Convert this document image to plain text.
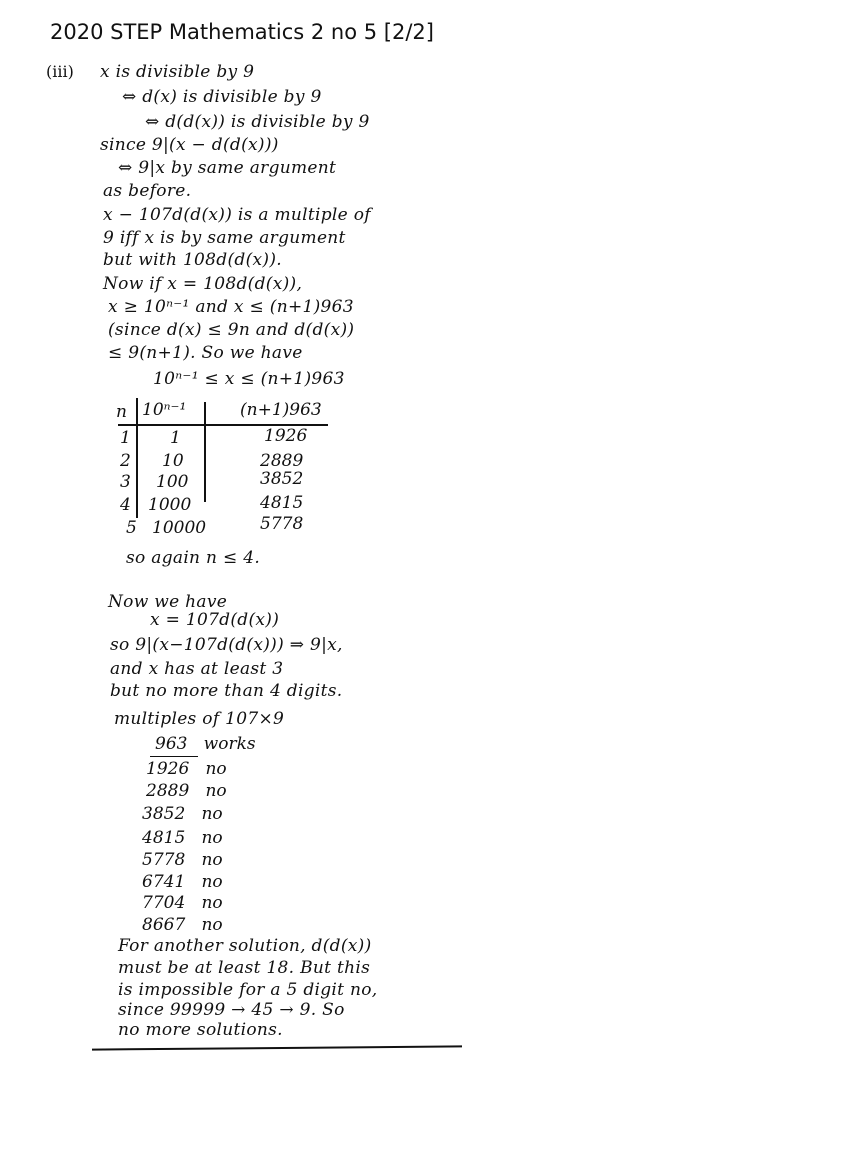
2020 STEP Mathematics 2 no 5 [2/2]
(iii) x is divisible by 9
⇔ d(x) is divisible by 9
⇔ d(d(x)) is divisible by 9
since 9|(x − d(d(x)))
⇔ 9|x by same argument
as before.
x − 107d(d(x)) is a multiple of
9 iff x is by same argument
but with 108d(d(x)).
Now if x = 108d(d(x)),
x ≥ 10ⁿ⁻¹ and x ≤ (n+1)963
(since d(x) ≤ 9n and d(d(x))
≤ 9(n+1). So we have
10ⁿ⁻¹ ≤ x ≤ (n+1)963
n 10ⁿ⁻¹	(n+1)963
1 1	1926
2 10	2889
3 100	3852
4 1000	4815
5 10000	5778
so again n ≤ 4.
Now we have
x = 107d(d(x))
so 9|(x−107d(d(x))) ⇒ 9|x,
and x has at least 3
but no more than 4 digits.
multiples of 107×9
963 works
1926 no
2889 no
3852 no
4815 no
5778 no
6741 no
7704 no
8667 no
For another solution, d(d(x))
must be at least 18. But this
is impossible for a 5 digit no,
since 99999 → 45 → 9. So
no more solutions.
